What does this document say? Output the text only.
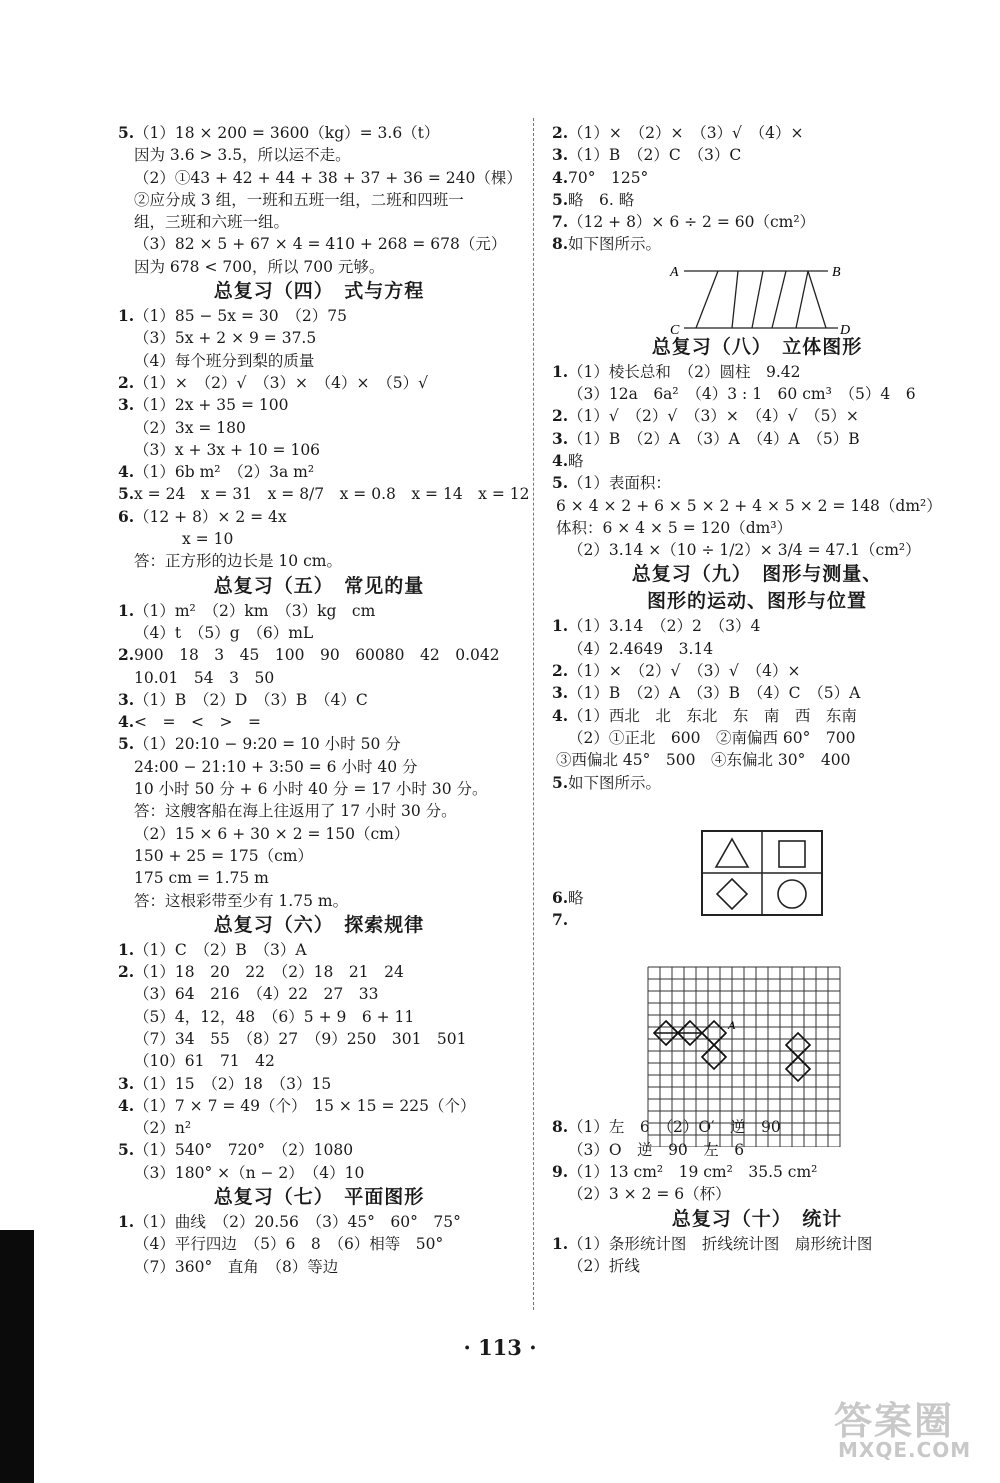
5. （1）18 × 200 = 3600（kg）= 3.6（t）
因为 3.6 > 3.5，所以运不走。
（2）①43 + 42 + 44 + 38 + 37 + 36 = 240（棵）
②应分成 3 组，一班和五班一组，二班和四班一
组，三班和六班一组。
（3）82 × 5 + 67 × 4 = 410 + 268 = 678（元）
因为 678 < 700，所以 700 元够。
总复习（四）　式与方程
1. （1）85 − 5x = 30　（2）75
（3）5x + 2 × 9 = 37.5
（4）每个班分到梨的质量
2. （1）×　（2）√　（3）×　（4）×　（5）√
3. （1）2x + 35 = 100
（2）3x = 180
（3）x + 3x + 10 = 106
4. （1）6b m²　（2）3a m²
5. x = 24　x = 31　x = 8/7　x = 0.8　x = 14　x = 12
6. （12 + 8）× 2 = 4x
x = 10
答：正方形的边长是 10 cm。
总复习（五）　常见的量
1. （1）m²　（2）km　（3）kg　cm
（4）t　（5）g　（6）mL
2. 900　18　3　45　100　90　60080　42　0.042
10.01　54　3　50
3. （1）B　（2）D　（3）B　（4）C
4. <　=　<　>　=
5. （1）20:10 − 9:20 = 10 小时 50 分
24:00 − 21:10 + 3:50 = 6 小时 40 分
10 小时 50 分 + 6 小时 40 分 = 17 小时 30 分。
答：这艘客船在海上往返用了 17 小时 30 分。
（2）15 × 6 + 30 × 2 = 150（cm）
150 + 25 = 175（cm）
175 cm = 1.75 m
答：这根彩带至少有 1.75 m。
总复习（六）　探索规律
1. （1）C　（2）B　（3）A
2. （1）18　20　22　（2）18　21　24
（3）64　216　（4）22　27　33
（5）4，12，48　（6）5 + 9　6 + 11
（7）34　55　（8）27　（9）250　301　501
（10）61　71　42
3. （1）15　（2）18　（3）15
4. （1）7 × 7 = 49（个）　15 × 15 = 225（个）
（2）n²
5. （1）540°　720°　（2）1080
（3）180° ×（n − 2）　（4）10
总复习（七）　平面图形
1. （1）曲线　（2）20.56　（3）45°　60°　75°
（4）平行四边　（5）6　8　（6）相等　50°
（7）360°　直角　（8）等边
2. （1）×　（2）×　（3）√　（4）×
3. （1）B　（2）C　（3）C
4. 70°　125°
5. 略　6. 略
7. （12 + 8）× 6 ÷ 2 = 60（cm²）
8. 如下图所示。
总复习（八）　立体图形
1. （1）棱长总和　（2）圆柱　9.42
（3）12a　6a²　（4）3 : 1　60 cm³　（5）4　6
2. （1）√　（2）√　（3）×　（4）√　（5）×
3. （1）B　（2）A　（3）A　（4）A　（5）B
4. 略
5. （1）表面积：
6 × 4 × 2 + 6 × 5 × 2 + 4 × 5 × 2 = 148（dm²）
体积：6 × 4 × 5 = 120（dm³）
（2）3.14 ×（10 ÷ 1/2）× 3/4 = 47.1（cm²）
总复习（九）　图形与测量、
图形的运动、图形与位置
1. （1）3.14　（2）2　（3）4
（4）2.4649　3.14
2. （1）×　（2）√　（3）√　（4）×
3. （1）B　（2）A　（3）B　（4）C　（5）A
4. （1）西北　北　东北　东　南　西　东南
（2）①正北　600　②南偏西 60°　700
③西偏北 45°　500　④东偏北 30°　400
5. 如下图所示。
6. 略
7.
8. （1）左　6　（2）O′　逆　90
（3）O　逆　90　左　6
9. （1）13 cm²　19 cm²　35.5 cm²
（2）3 × 2 = 6（杯）
总复习（十）　统计
1. （1）条形统计图　折线统计图　扇形统计图
（2）折线
A	B
C	D
A
· 113 ·
答案圈
MXQE.COM
